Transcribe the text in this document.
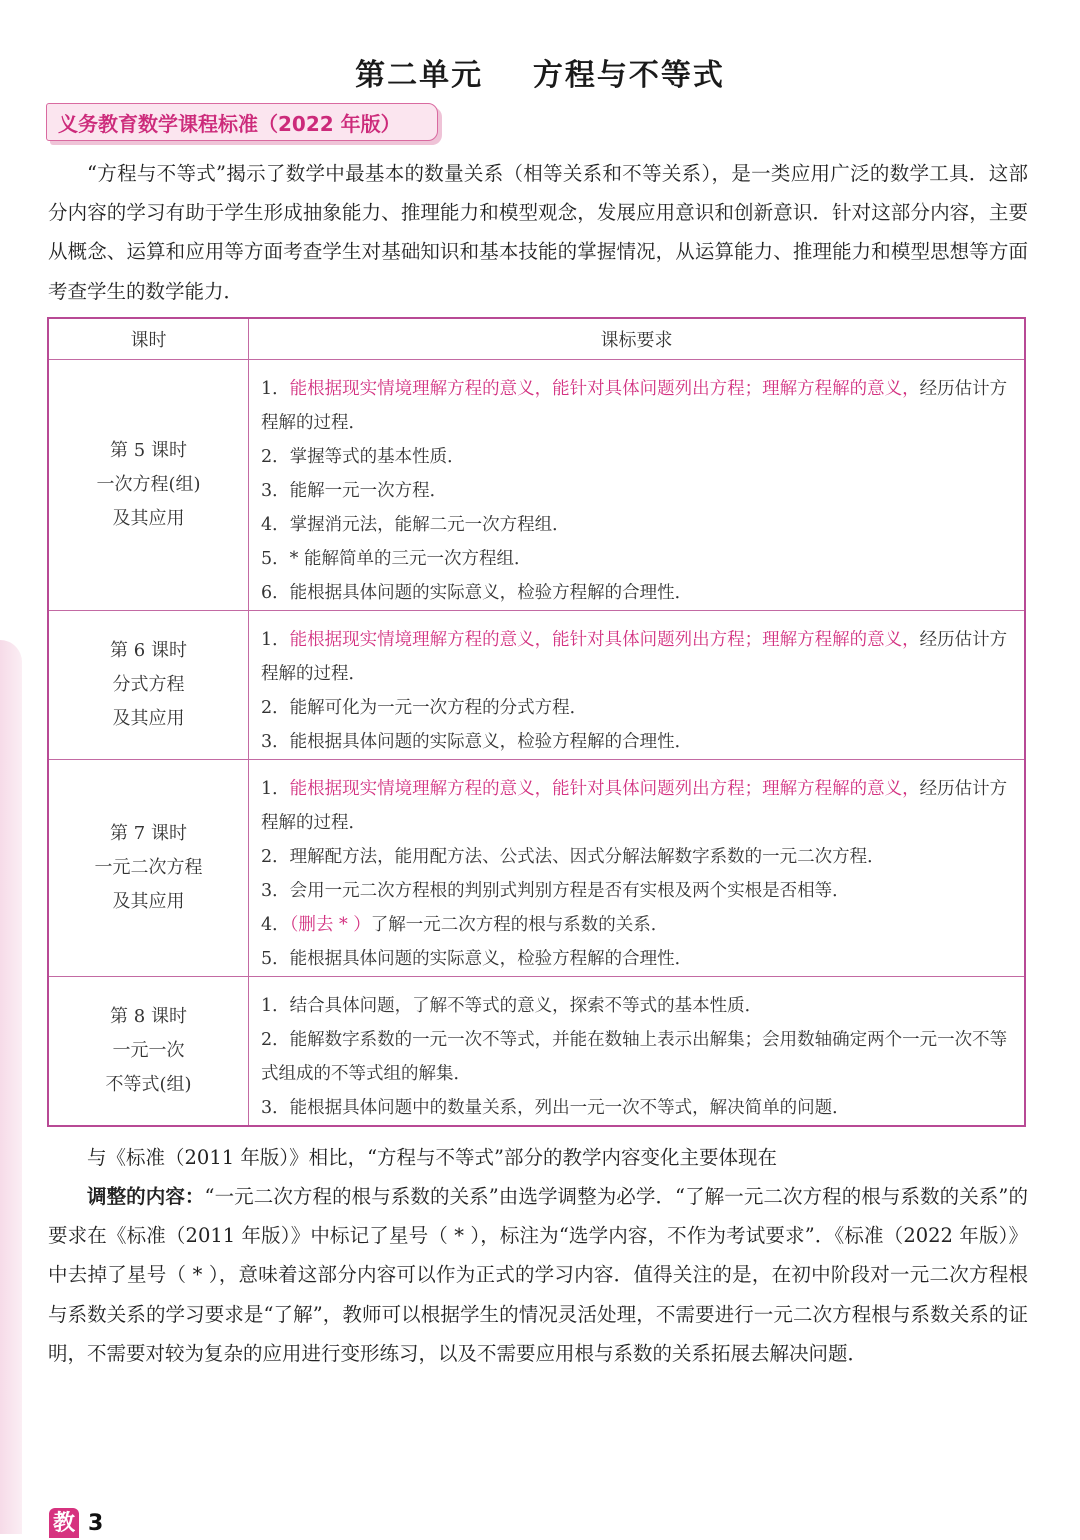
第二单元    方程与不等式
义务教育数学课程标准（2022 年版）

“方程与不等式”揭示了数学中最基本的数量关系（相等关系和不等关系），是一类应用广泛的数学工具．这部分内容的学习有助于学生形成抽象能力、推理能力和模型观念，发展应用意识和创新意识．针对这部分内容，主要从概念、运算和应用等方面考查学生对基础知识和基本技能的掌握情况，从运算能力、推理能力和模型思想等方面考查学生的数学能力．

课时	课标要求
第 5 课时
一次方程(组)
及其应用
1．能根据现实情境理解方程的意义，能针对具体问题列出方程；理解方程解的意义，经历估计方程解的过程．
2．掌握等式的基本性质．
3．能解一元一次方程．
4．掌握消元法，能解二元一次方程组．
5．* 能解简单的三元一次方程组．
6．能根据具体问题的实际意义，检验方程解的合理性．
第 6 课时
分式方程
及其应用
1．能根据现实情境理解方程的意义，能针对具体问题列出方程；理解方程解的意义，经历估计方程解的过程．
2．能解可化为一元一次方程的分式方程．
3．能根据具体问题的实际意义，检验方程解的合理性．
第 7 课时
一元二次方程
及其应用
1．能根据现实情境理解方程的意义，能针对具体问题列出方程；理解方程解的意义，经历估计方程解的过程．
2．理解配方法，能用配方法、公式法、因式分解法解数字系数的一元二次方程．
3．会用一元二次方程根的判别式判别方程是否有实根及两个实根是否相等．
4．（删去 * ）了解一元二次方程的根与系数的关系．
5．能根据具体问题的实际意义，检验方程解的合理性．
第 8 课时
一元一次
不等式(组)
1．结合具体问题，了解不等式的意义，探索不等式的基本性质．
2．能解数字系数的一元一次不等式，并能在数轴上表示出解集；会用数轴确定两个一元一次不等式组成的不等式组的解集．
3．能根据具体问题中的数量关系，列出一元一次不等式，解决简单的问题．

与《标准（2011 年版）》相比，“方程与不等式”部分的教学内容变化主要体现在

调整的内容：“一元二次方程的根与系数的关系”由选学调整为必学．“了解一元二次方程的根与系数的关系”的要求在《标准（2011 年版）》中标记了星号（ * ），标注为“选学内容，不作为考试要求”．《标准（2022 年版）》中去掉了星号（ * ），意味着这部分内容可以作为正式的学习内容．值得关注的是，在初中阶段对一元二次方程根与系数关系的学习要求是“了解”，教师可以根据学生的情况灵活处理，不需要进行一元二次方程根与系数关系的证明，不需要对较为复杂的应用进行变形练习，以及不需要应用根与系数的关系拓展去解决问题．

教 3
